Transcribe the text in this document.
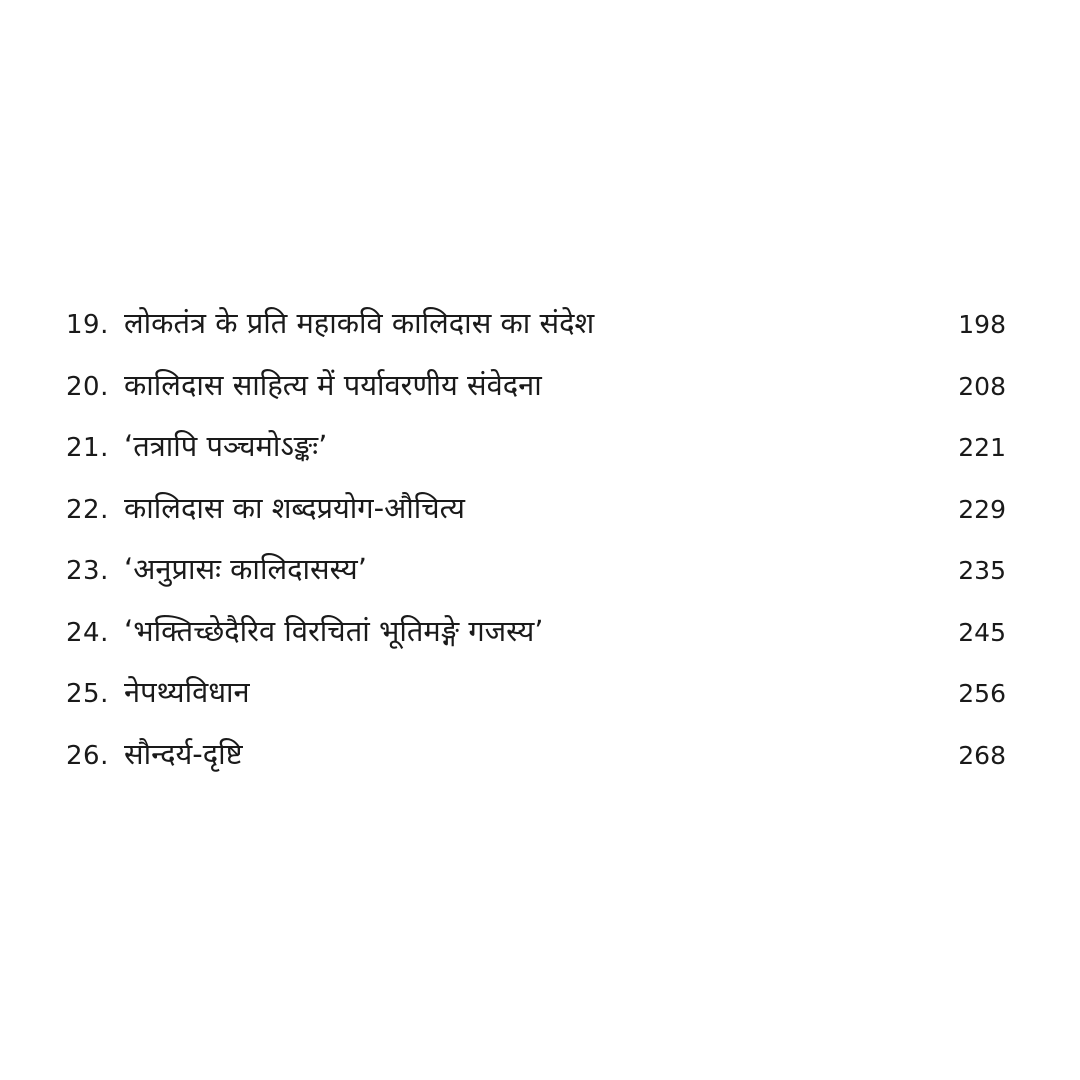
19. लोकतंत्र के प्रति महाकवि कालिदास का संदेश	198
20. कालिदास साहित्य में पर्यावरणीय संवेदना	208
21. ‘तत्रापि पञ्चमोऽङ्कः’	221
22. कालिदास का शब्दप्रयोग-औचित्य	229
23. ‘अनुप्रासः कालिदासस्य’	235
24. ‘भक्तिच्छेदैरिव विरचितां भूतिमङ्गे गजस्य’	245
25. नेपथ्यविधान	256
26. सौन्दर्य-दृष्टि	268
